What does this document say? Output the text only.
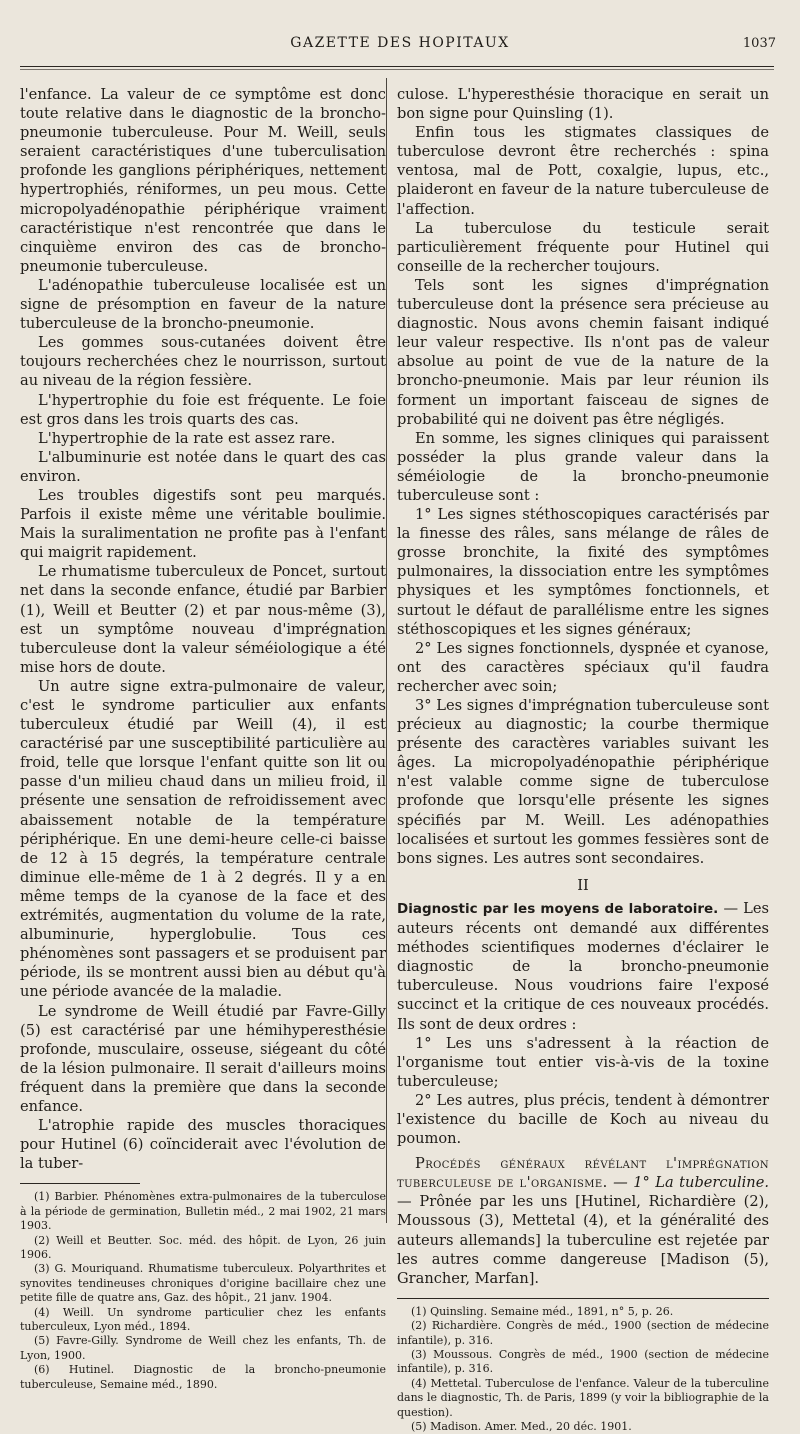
GAZETTE DES HOPITAUX	1037

l'enfance. La valeur de ce symptôme est donc toute relative dans le diagnostic de la broncho-pneumonie tuberculeuse. Pour M. Weill, seuls seraient caractéristiques d'une tuberculisation profonde les ganglions périphériques, nettement hypertrophiés, réniformes, un peu mous. Cette micropolyadénopathie périphérique vraiment caractéristique n'est rencontrée que dans le cinquième environ des cas de broncho-pneumonie tuberculeuse.

L'adénopathie tuberculeuse localisée est un signe de présomption en faveur de la nature tuberculeuse de la broncho-pneumonie.

Les gommes sous-cutanées doivent être toujours recherchées chez le nourrisson, surtout au niveau de la région fessière.

L'hypertrophie du foie est fréquente. Le foie est gros dans les trois quarts des cas.

L'hypertrophie de la rate est assez rare.

L'albuminurie est notée dans le quart des cas environ.

Les troubles digestifs sont peu marqués. Parfois il existe même une véritable boulimie. Mais la suralimentation ne profite pas à l'enfant qui maigrit rapidement.

Le rhumatisme tuberculeux de Poncet, surtout net dans la seconde enfance, étudié par Barbier (1), Weill et Beutter (2) et par nous-même (3), est un symptôme nouveau d'imprégnation tuberculeuse dont la valeur séméiologique a été mise hors de doute.

Un autre signe extra-pulmonaire de valeur, c'est le syndrome particulier aux enfants tuberculeux étudié par Weill (4), il est caractérisé par une susceptibilité particulière au froid, telle que lorsque l'enfant quitte son lit ou passe d'un milieu chaud dans un milieu froid, il présente une sensation de refroidissement avec abaissement notable de la température périphérique. En une demi-heure celle-ci baisse de 12 à 15 degrés, la température centrale diminue elle-même de 1 à 2 degrés. Il y a en même temps de la cyanose de la face et des extrémités, augmentation du volume de la rate, albuminurie, hyperglobulie. Tous ces phénomènes sont passagers et se produisent par période, ils se montrent aussi bien au début qu'à une période avancée de la maladie.

Le syndrome de Weill étudié par Favre-Gilly (5) est caractérisé par une hémihyperesthésie profonde, musculaire, osseuse, siégeant du côté de la lésion pulmonaire. Il serait d'ailleurs moins fréquent dans la première que dans la seconde enfance.

L'atrophie rapide des muscles thoraciques pour Hutinel (6) coïnciderait avec l'évolution de la tuber-

(1) Barbier. Phénomènes extra-pulmonaires de la tuberculose à la période de germination, Bulletin méd., 2 mai 1902, 21 mars 1903.

(2) Weill et Beutter. Soc. méd. des hôpit. de Lyon, 26 juin 1906.

(3) G. Mouriquand. Rhumatisme tuberculeux. Polyarthrites et synovites tendineuses chroniques d'origine bacillaire chez une petite fille de quatre ans, Gaz. des hôpit., 21 janv. 1904.

(4) Weill. Un syndrome particulier chez les enfants tuberculeux, Lyon méd., 1894.

(5) Favre-Gilly. Syndrome de Weill chez les enfants, Th. de Lyon, 1900.

(6) Hutinel. Diagnostic de la broncho-pneumonie tuberculeuse, Semaine méd., 1890.

culose. L'hyperesthésie thoracique en serait un bon signe pour Quinsling (1).

Enfin tous les stigmates classiques de tuberculose devront être recherchés : spina ventosa, mal de Pott, coxalgie, lupus, etc., plaideront en faveur de la nature tuberculeuse de l'affection.

La tuberculose du testicule serait particulièrement fréquente pour Hutinel qui conseille de la rechercher toujours.

Tels sont les signes d'imprégnation tuberculeuse dont la présence sera précieuse au diagnostic. Nous avons chemin faisant indiqué leur valeur respective. Ils n'ont pas de valeur absolue au point de vue de la nature de la broncho-pneumonie. Mais par leur réunion ils forment un important faisceau de signes de probabilité qui ne doivent pas être négligés.

En somme, les signes cliniques qui paraissent posséder la plus grande valeur dans la séméiologie de la broncho-pneumonie tuberculeuse sont :

1° Les signes stéthoscopiques caractérisés par la finesse des râles, sans mélange de râles de grosse bronchite, la fixité des symptômes pulmonaires, la dissociation entre les symptômes physiques et les symptômes fonctionnels, et surtout le défaut de parallélisme entre les signes stéthoscopiques et les signes généraux;

2° Les signes fonctionnels, dyspnée et cyanose, ont des caractères spéciaux qu'il faudra rechercher avec soin;

3° Les signes d'imprégnation tuberculeuse sont précieux au diagnostic; la courbe thermique présente des caractères variables suivant les âges. La micropolyadénopathie périphérique n'est valable comme signe de tuberculose profonde que lorsqu'elle présente les signes spécifiés par M. Weill. Les adénopathies localisées et surtout les gommes fessières sont de bons signes. Les autres sont secondaires.

II

Diagnostic par les moyens de laboratoire. — Les auteurs récents ont demandé aux différentes méthodes scientifiques modernes d'éclairer le diagnostic de la broncho-pneumonie tuberculeuse. Nous voudrions faire l'exposé succinct et la critique de ces nouveaux procédés. Ils sont de deux ordres :

1° Les uns s'adressent à la réaction de l'organisme tout entier vis-à-vis de la toxine tuberculeuse;

2° Les autres, plus précis, tendent à démontrer l'existence du bacille de Koch au niveau du poumon.

Procédés généraux révélant l'imprégnation tuberculeuse de l'organisme. — 1° La tuberculine. — Prônée par les uns [Hutinel, Richardière (2), Moussous (3), Mettetal (4), et la généralité des auteurs allemands] la tuberculine est rejetée par les autres comme dangereuse [Madison (5), Grancher, Marfan].

(1) Quinsling. Semaine méd., 1891, n° 5, p. 26.

(2) Richardière. Congrès de méd., 1900 (section de médecine infantile), p. 316.

(3) Moussous. Congrès de méd., 1900 (section de médecine infantile), p. 316.

(4) Mettetal. Tuberculose de l'enfance. Valeur de la tuberculine dans le diagnostic, Th. de Paris, 1899 (y voir la bibliographie de la question).

(5) Madison. Amer. Med., 20 déc. 1901.
